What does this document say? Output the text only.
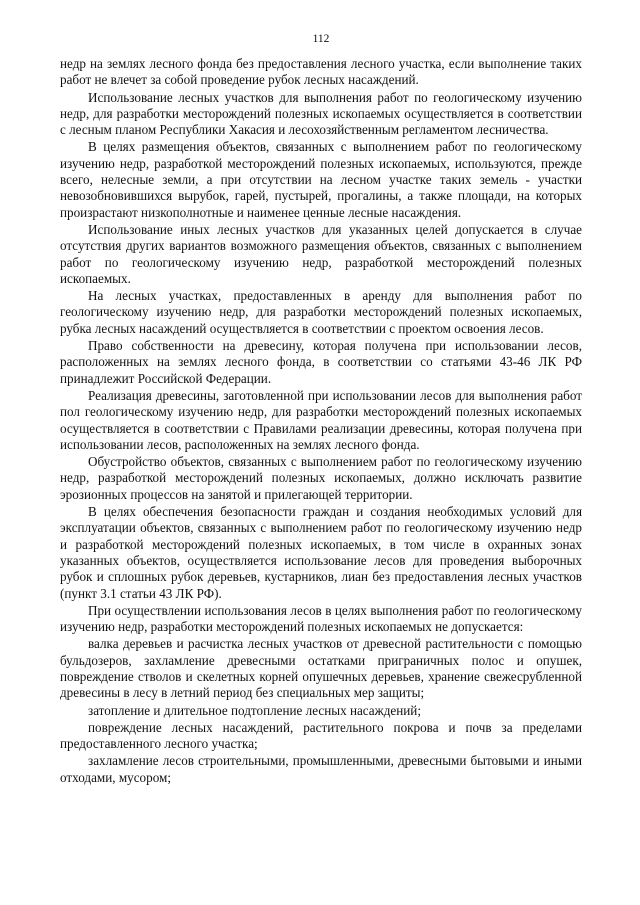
112

недр на землях лесного фонда без предоставления лесного участка, если выполнение таких работ не влечет за собой проведение рубок лесных насаждений.

Использование лесных участков для выполнения работ по геологическому изучению недр, для разработки месторождений полезных ископаемых осуществляется в соответствии с лесным планом Республики Хакасия и лесохозяйственным регламентом лесничества.

В целях размещения объектов, связанных с выполнением работ по геологическому изучению недр, разработкой месторождений полезных ископаемых, используются, прежде всего, нелесные земли, а при отсутствии на лесном участке таких земель - участки невозобновившихся вырубок, гарей, пустырей, прогалины, а также площади, на которых произрастают низкополнотные и наименее ценные лесные насаждения.

Использование иных лесных участков для указанных целей допускается в случае отсутствия других вариантов возможного размещения объектов, связанных с выполнением работ по геологическому изучению недр, разработкой месторождений полезных ископаемых.

На лесных участках, предоставленных в аренду для выполнения работ по геологическому изучению недр, для разработки месторождений полезных ископаемых, рубка лесных насаждений осуществляется в соответствии с проектом освоения лесов.

Право собственности на древесину, которая получена при использовании лесов, расположенных на землях лесного фонда, в соответствии со статьями 43-46 ЛК РФ принадлежит Российской Федерации.

Реализация древесины, заготовленной при использовании лесов для выполнения работ пол геологическому изучению недр, для разработки месторождений полезных ископаемых осуществляется в соответствии с Правилами реализации древесины, которая получена при использовании лесов, расположенных на землях лесного фонда.

Обустройство объектов, связанных с выполнением работ по геологическому изучению недр, разработкой месторождений полезных ископаемых, должно исключать развитие эрозионных процессов на занятой и прилегающей территории.

В целях обеспечения безопасности граждан и создания необходимых условий для эксплуатации объектов, связанных с выполнением работ по геологическому изучению недр и разработкой месторождений полезных ископаемых, в том числе в охранных зонах указанных объектов, осуществляется использование лесов для проведения выборочных рубок и сплошных рубок деревьев, кустарников, лиан без предоставления лесных участков (пункт 3.1 статьи 43 ЛК РФ).

При осуществлении использования лесов в целях выполнения работ по геологическому изучению недр, разработки месторождений полезных ископаемых не допускается:

валка деревьев и расчистка лесных участков от древесной растительности с помощью бульдозеров, захламление древесными остатками приграничных полос и опушек, повреждение стволов и скелетных корней опушечных деревьев, хранение свежесрубленной древесины в лесу в летний период без специальных мер защиты;

затопление и длительное подтопление лесных насаждений;

повреждение лесных насаждений, растительного покрова и почв за пределами предоставленного лесного участка;

захламление лесов строительными, промышленными, древесными бытовыми и иными отходами, мусором;
